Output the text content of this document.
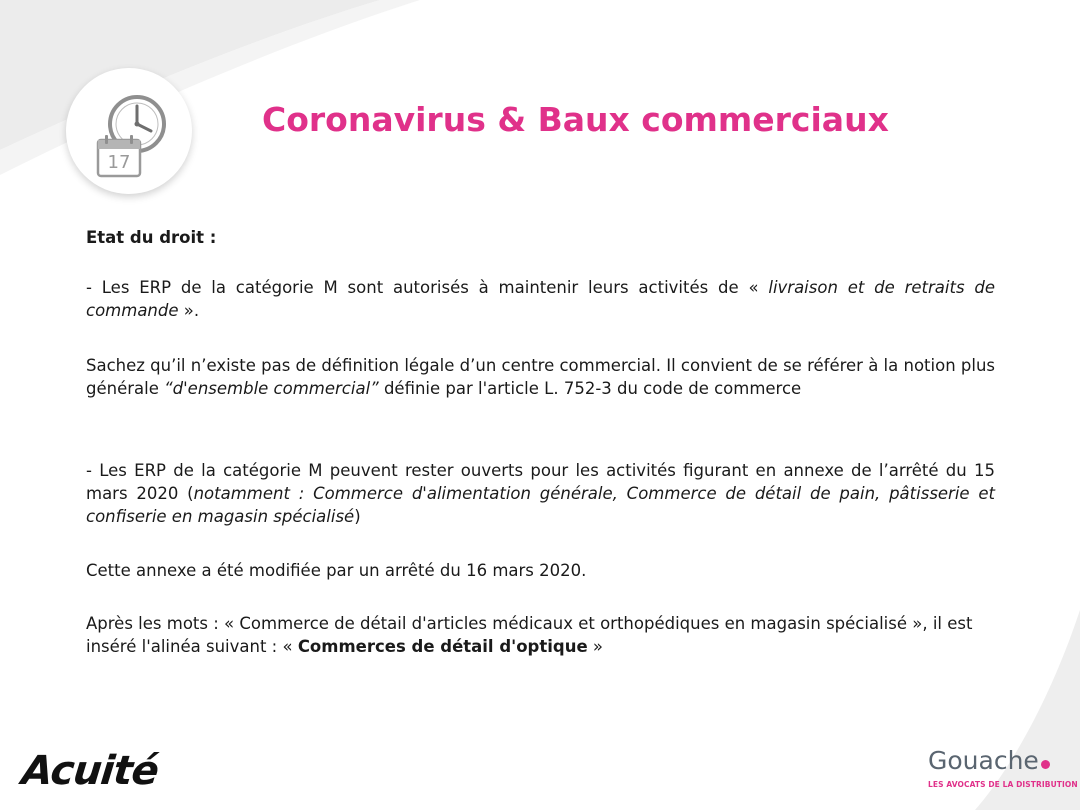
17
Coronavirus & Baux commerciaux

Etat du droit :

- Les ERP de la catégorie M sont autorisés à maintenir leurs activités de « livraison et de retraits de commande ».

Sachez qu’il n’existe pas de définition légale d’un centre commercial. Il convient de se référer à la notion plus générale “d'ensemble commercial” définie par l'article L. 752-3 du code de commerce

- Les ERP de la catégorie M peuvent rester ouverts pour les activités figurant en annexe de l’arrêté du 15 mars 2020 (notamment : Commerce d'alimentation générale, Commerce de détail de pain, pâtisserie et confiserie en magasin spécialisé)

Cette annexe a été modifiée par un arrêté du 16 mars 2020.

Après les mots : « Commerce de détail d'articles médicaux et orthopédiques en magasin spécialisé », il est inséré l'alinéa suivant : « Commerces de détail d'optique »

Acuité	Gouache
LES AVOCATS DE LA DISTRIBUTION
